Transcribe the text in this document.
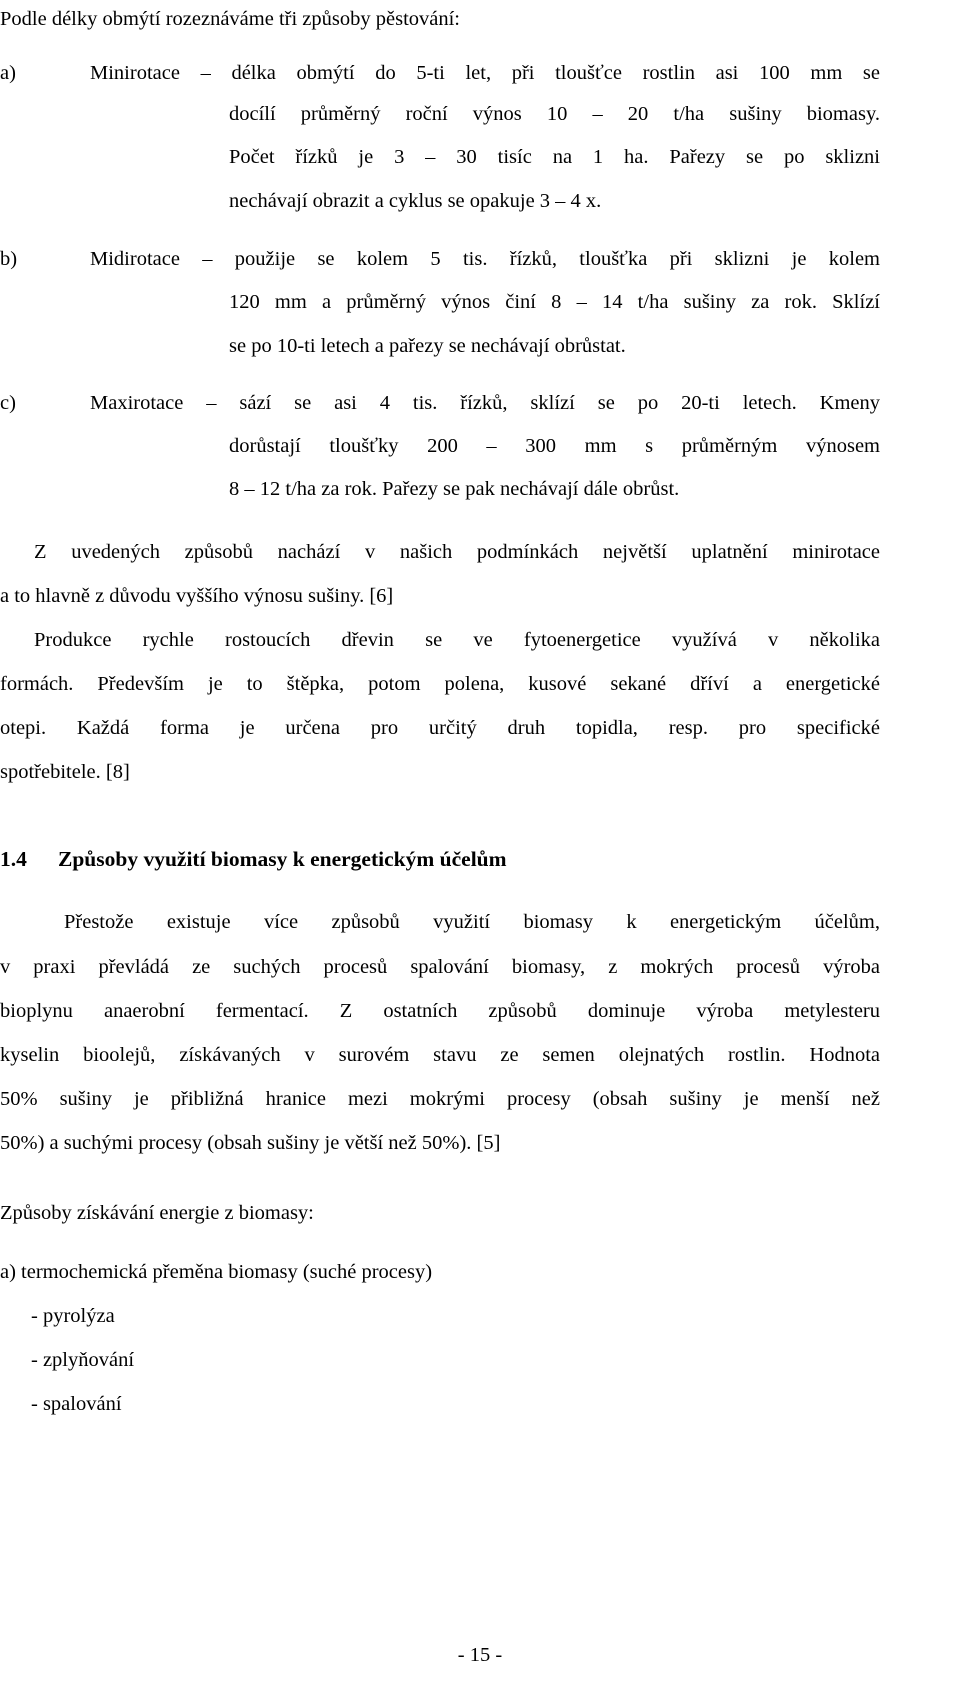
Podle délky obmýtí rozeznáváme tři způsoby pěstování:

a)	Minirotace – délka obmýtí do 5-ti let, při tloušťce rostlin asi 100 mm se

docílí průměrný roční výnos 10 – 20 t/ha sušiny biomasy.

Počet řízků je 3 – 30 tisíc na 1 ha. Pařezy se po sklizni

nechávají obrazit a cyklus se opakuje 3 – 4 x.

b)	Midirotace – použije se kolem 5 tis. řízků, tloušťka při sklizni je kolem

120 mm a průměrný výnos činí 8 – 14 t/ha sušiny za rok. Sklízí

se po 10-ti letech a pařezy se nechávají obrůstat.

c)	Maxirotace – sází se asi 4 tis. řízků, sklízí se po 20-ti letech. Kmeny

dorůstají tloušťky 200 – 300 mm s průměrným výnosem

8 – 12 t/ha za rok. Pařezy se pak nechávají dále obrůst.

Z uvedených způsobů nachází v našich podmínkách největší uplatnění minirotace

a to hlavně z důvodu vyššího výnosu sušiny. [6]

Produkce rychle rostoucích dřevin se ve fytoenergetice využívá v několika

formách. Především je to štěpka, potom polena, kusové sekané dříví a energetické

otepi. Každá forma je určena pro určitý druh topidla, resp. pro specifické

spotřebitele. [8]

1.4 Způsoby využití biomasy k energetickým účelům

Přestože existuje více způsobů využití biomasy k energetickým účelům,

v praxi převládá ze suchých procesů spalování biomasy, z mokrých procesů výroba

bioplynu anaerobní fermentací. Z ostatních způsobů dominuje výroba metylesteru

kyselin bioolejů, získávaných v surovém stavu ze semen olejnatých rostlin. Hodnota

50% sušiny je přibližná hranice mezi mokrými procesy (obsah sušiny je menší než

50%) a suchými procesy (obsah sušiny je větší než 50%). [5]

Způsoby získávání energie z biomasy:

a) termochemická přeměna biomasy (suché procesy)

- pyrolýza

- zplyňování

- spalování

- 15 -
